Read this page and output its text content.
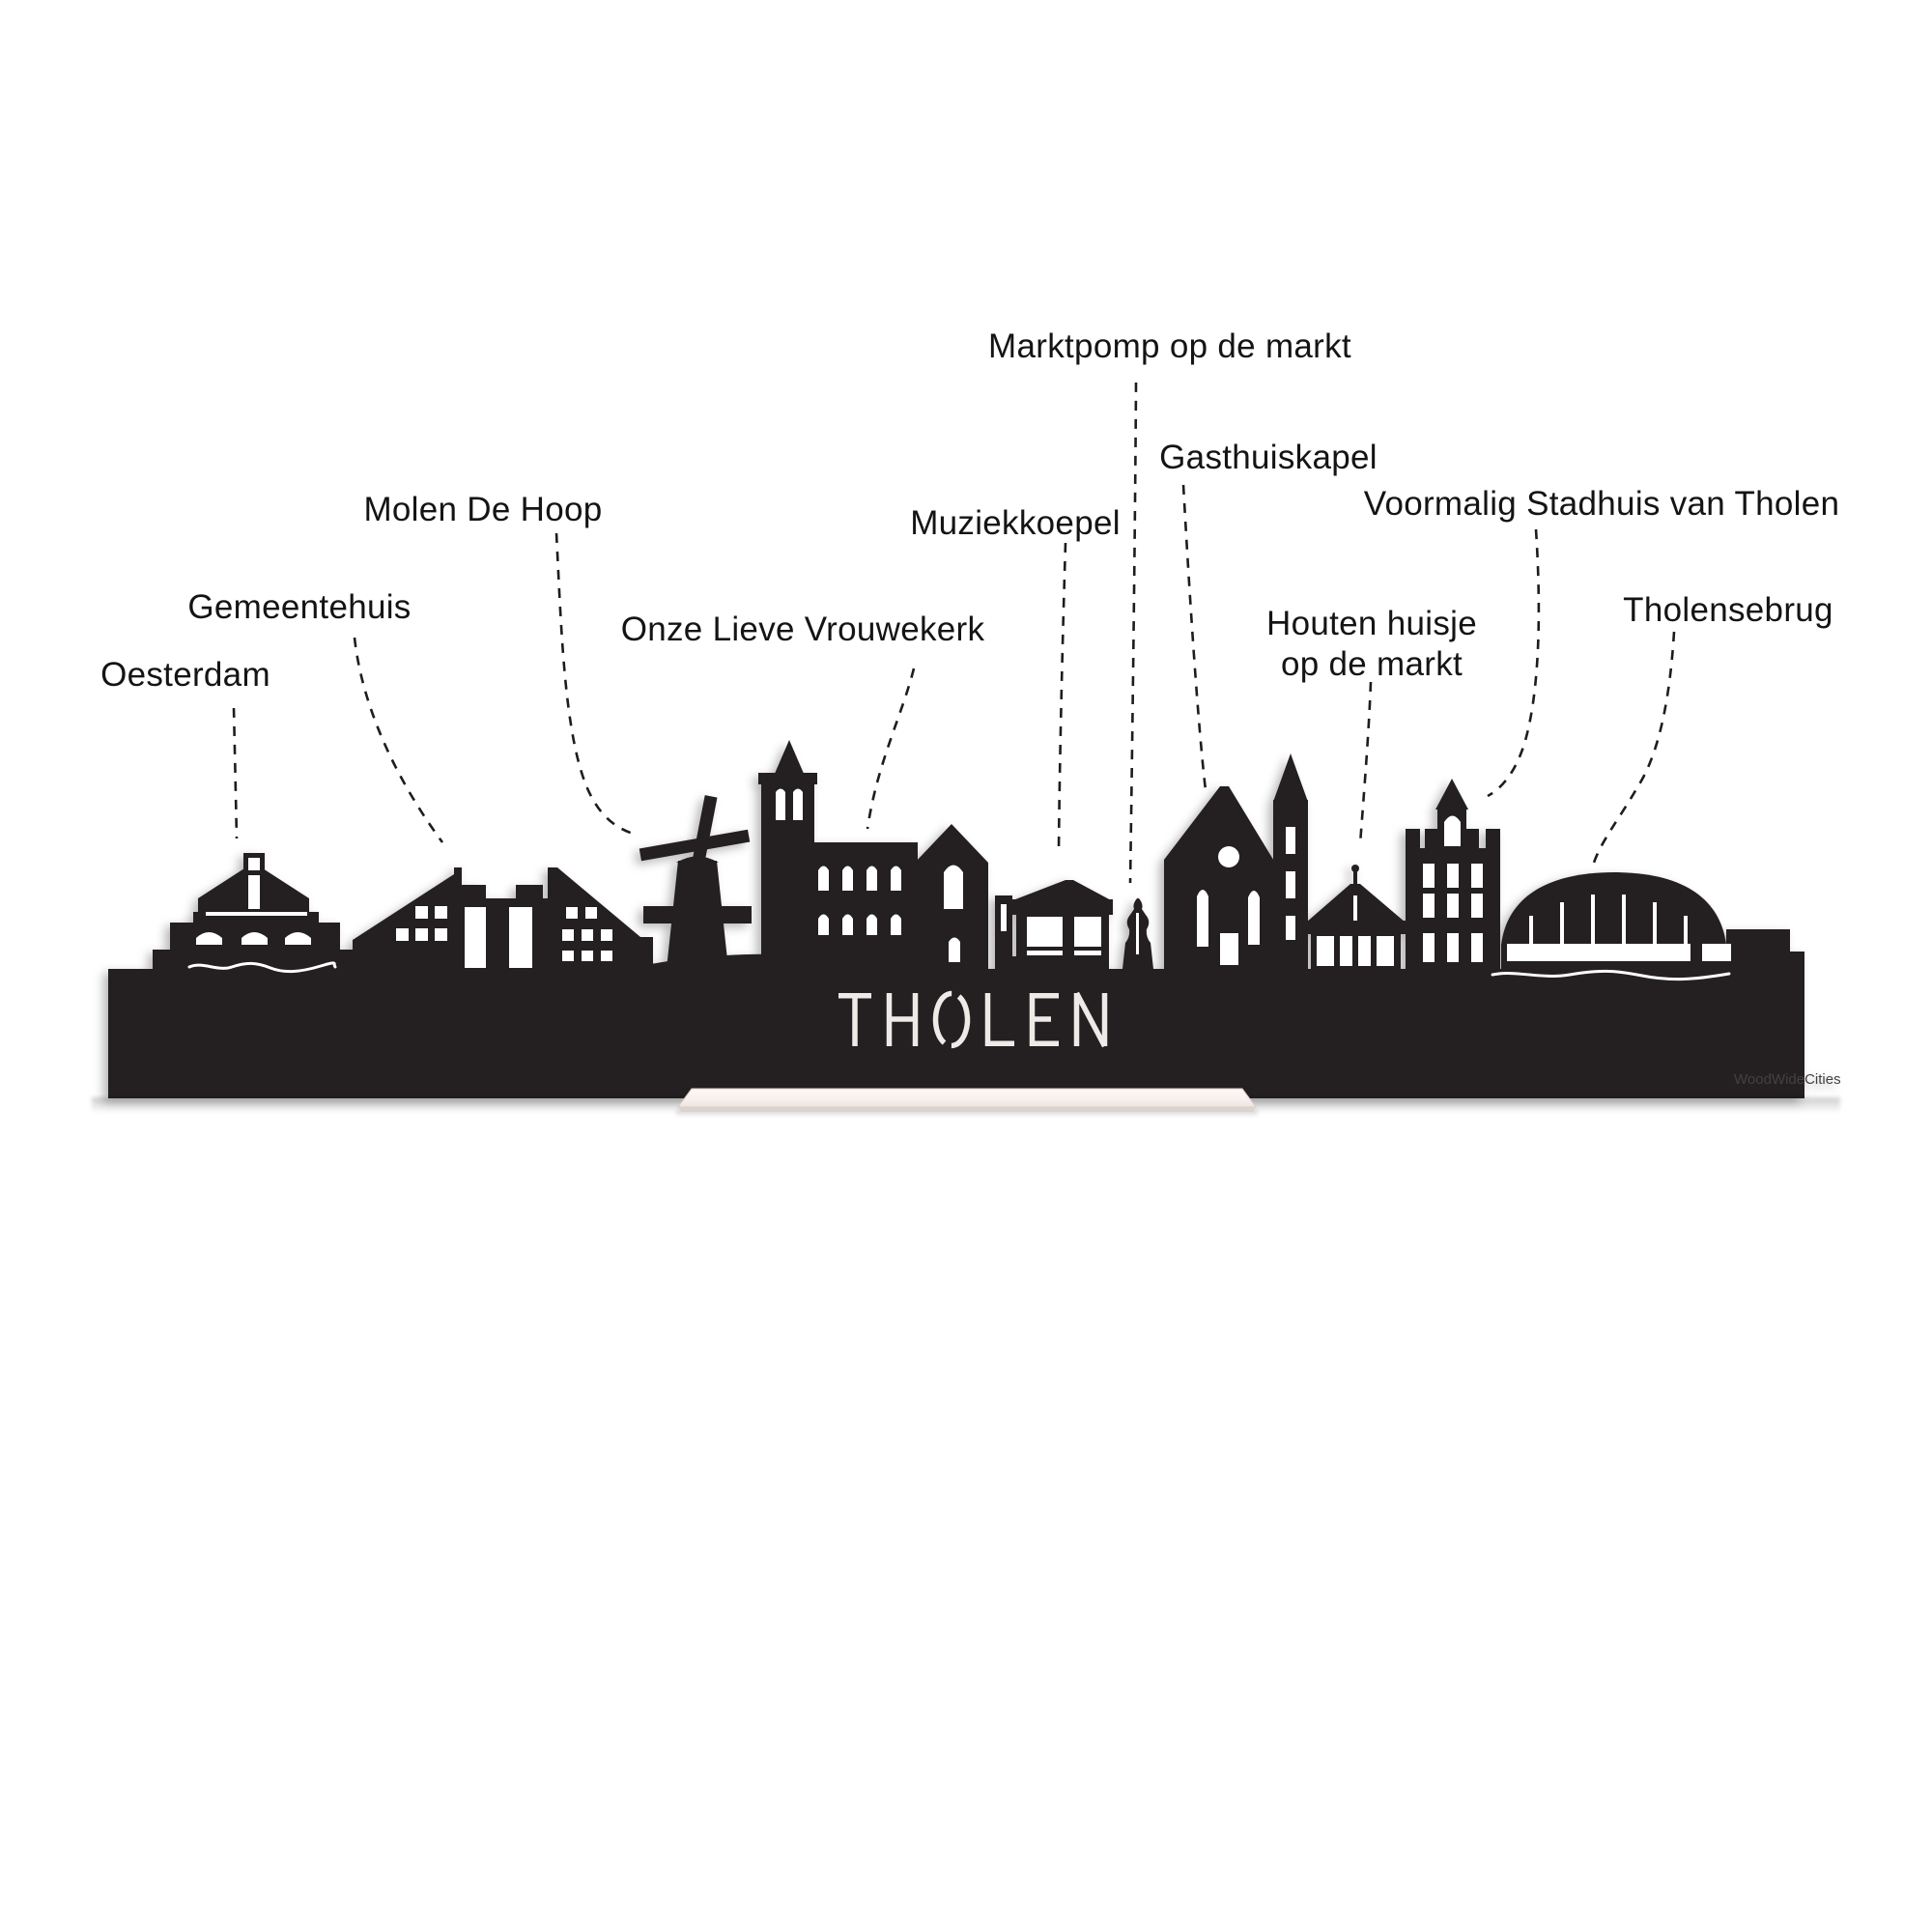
WoodWideCities
Oesterdam
Gemeentehuis
Molen De Hoop
Onze Lieve Vrouwekerk
Muziekkoepel
Marktpomp op de markt
Gasthuiskapel
Houten huisje
op de markt
Voormalig Stadhuis van Tholen
Tholensebrug
